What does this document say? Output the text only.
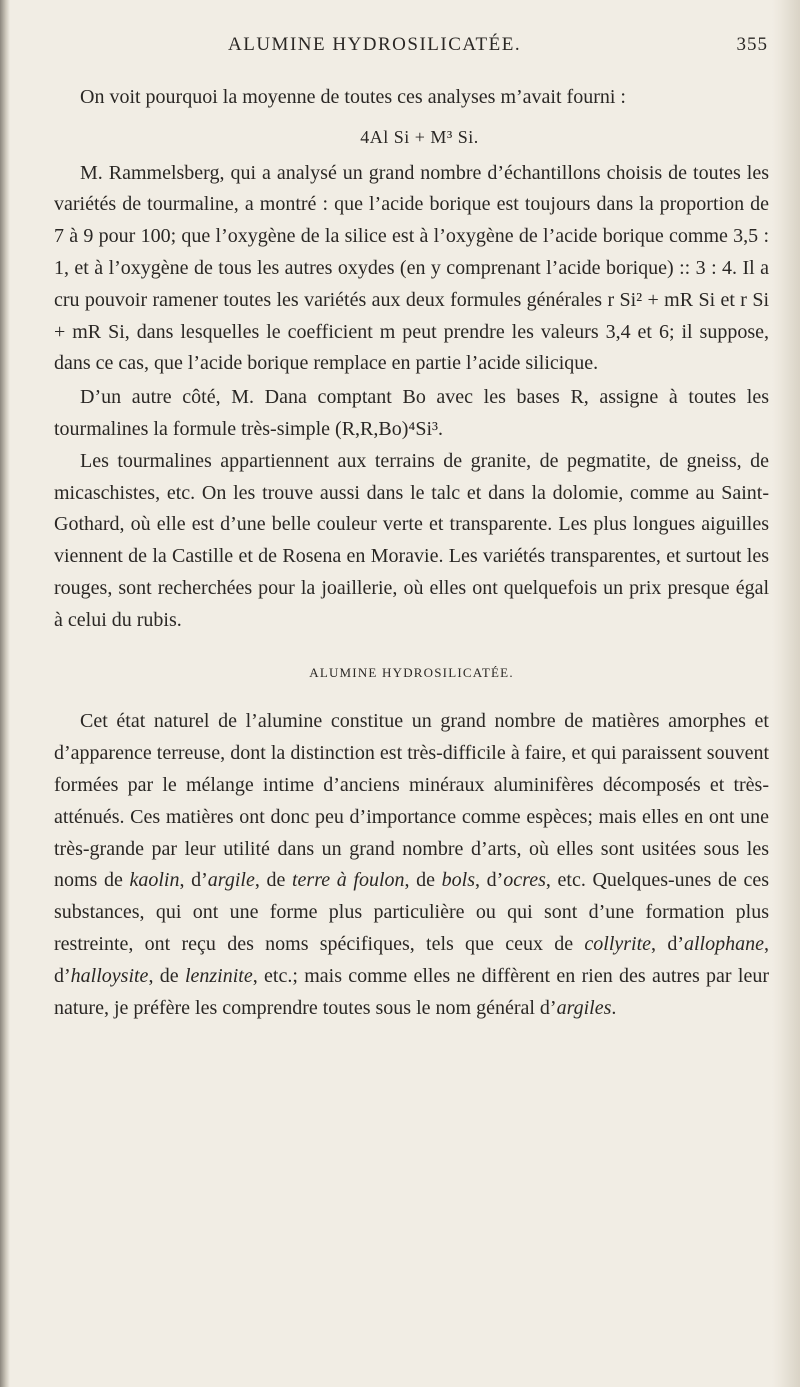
ALUMINE HYDROSILICATÉE.	355

On voit pourquoi la moyenne de toutes ces analyses m’avait fourni :

4Al Si + M³ Si.

M. Rammelsberg, qui a analysé un grand nombre d’échantillons choisis de toutes les variétés de tourmaline, a montré : que l’acide borique est toujours dans la proportion de 7 à 9 pour 100; que l’oxygène de la silice est à l’oxygène de l’acide borique comme 3,5 : 1, et à l’oxygène de tous les autres oxydes (en y comprenant l’acide borique) :: 3 : 4. Il a cru pouvoir ramener toutes les variétés aux deux formules générales r Si² + mR Si et r Si + mR Si, dans lesquelles le coefficient m peut prendre les valeurs 3,4 et 6; il suppose, dans ce cas, que l’acide borique remplace en partie l’acide silicique.

D’un autre côté, M. Dana comptant Bo avec les bases R, assigne à toutes les tourmalines la formule très-simple (R,R,Bo)⁴Si³.

Les tourmalines appartiennent aux terrains de granite, de pegmatite, de gneiss, de micaschistes, etc. On les trouve aussi dans le talc et dans la dolomie, comme au Saint-Gothard, où elle est d’une belle couleur verte et transparente. Les plus longues aiguilles viennent de la Castille et de Rosena en Moravie. Les variétés transparentes, et surtout les rouges, sont recherchées pour la joaillerie, où elles ont quelquefois un prix presque égal à celui du rubis.

ALUMINE HYDROSILICATÉE.

Cet état naturel de l’alumine constitue un grand nombre de matières amorphes et d’apparence terreuse, dont la distinction est très-difficile à faire, et qui paraissent souvent formées par le mélange intime d’anciens minéraux aluminifères décomposés et très-atténués. Ces matières ont donc peu d’importance comme espèces; mais elles en ont une très-grande par leur utilité dans un grand nombre d’arts, où elles sont usitées sous les noms de kaolin, d’argile, de terre à foulon, de bols, d’ocres, etc. Quelques-unes de ces substances, qui ont une forme plus particulière ou qui sont d’une formation plus restreinte, ont reçu des noms spécifiques, tels que ceux de collyrite, d’allophane, d’halloysite, de lenzinite, etc.; mais comme elles ne diffèrent en rien des autres par leur nature, je préfère les comprendre toutes sous le nom général d’argiles.
